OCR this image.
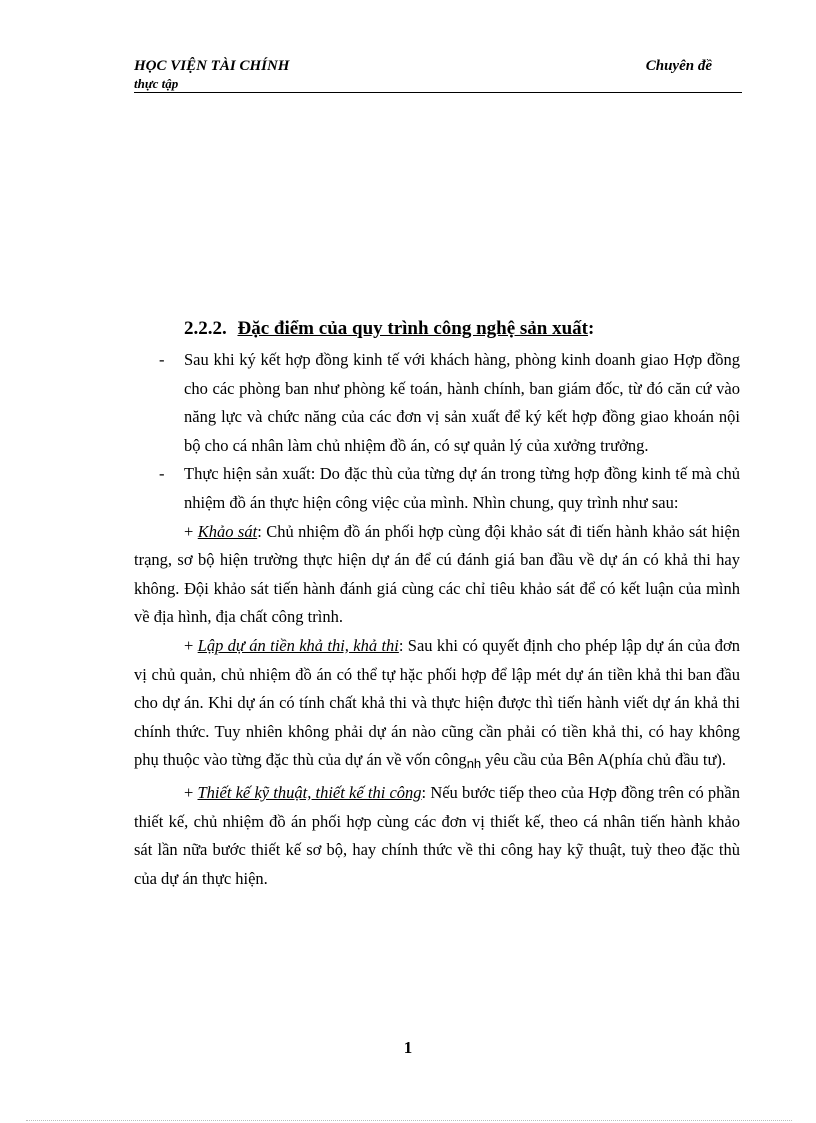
HỌC VIỆN TÀI CHÍNH	Chuyên đề
thực tập
2.2.2. Đặc điểm của quy trình công nghệ sản xuất:
- Sau khi ký kết hợp đồng kinh tế với khách hàng, phòng kinh doanh giao Hợp đồng cho các phòng ban như phòng kế toán, hành chính, ban giám đốc, từ đó căn cứ vào năng lực và chức năng của các đơn vị sản xuất để ký kết hợp đồng giao khoán nội bộ cho cá nhân làm chủ nhiệm đồ án, có sự quản lý của xưởng trưởng.
- Thực hiện sản xuất: Do đặc thù của từng dự án trong từng hợp đồng kinh tế mà chủ nhiệm đồ án thực hiện công việc của mình. Nhìn chung, quy trình như sau:
+ Khảo sát: Chủ nhiệm đồ án phối hợp cùng đội khảo sát đi tiến hành khảo sát hiện trạng, sơ bộ hiện trường thực hiện dự án để cú đánh giá ban đầu về dự án có khả thi hay không. Đội khảo sát tiến hành đánh giá cùng các chỉ tiêu khảo sát để có kết luận của mình về địa hình, địa chất công trình.
+ Lập dự án tiền khả thi, khả thi: Sau khi có quyết định cho phép lập dự án của đơn vị chủ quản, chủ nhiệm đồ án có thể tự hặc phối hợp để lập mét dự án tiền khả thi ban đầu cho dự án. Khi dự án có tính chất khả thi và thực hiện được thì tiến hành viết dự án khả thi chính thức. Tuy nhiên không phải dự án nào cũng cần phải có tiền khả thi, có hay không phụ thuộc vào từng đặc thù của dự án về vốn côngnh yêu cầu của Bên A(phía chủ đầu tư).
+ Thiết kế kỹ thuật, thiết kế thi công: Nếu bước tiếp theo của Hợp đồng trên có phần thiết kế, chủ nhiệm đồ án phối hợp cùng các đơn vị thiết kế, theo cá nhân tiến hành khảo sát lần nữa bước thiết kế sơ bộ, hay chính thức về thi công hay kỹ thuật, tuỳ theo đặc thù của dự án thực hiện.
1
